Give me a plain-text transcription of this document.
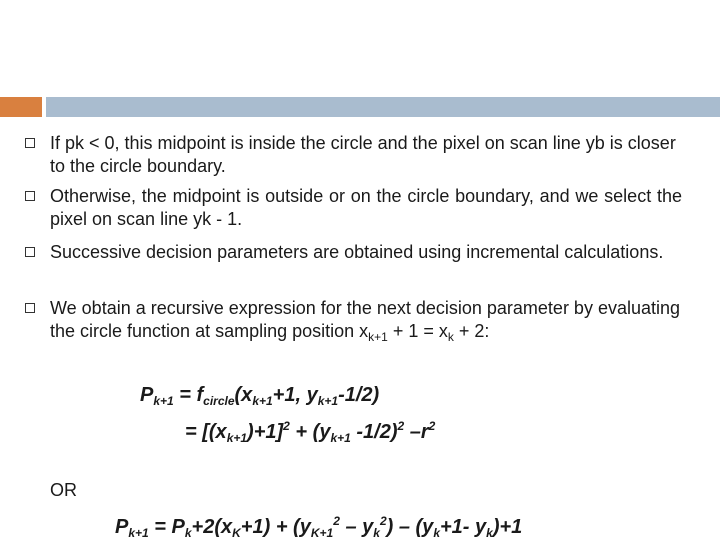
If pk < 0, this midpoint is inside the circle and the pixel on scan line yb is closer to the circle boundary.

Otherwise, the midpoint is outside or on the circle boundary, and we select the pixel on scan line yk - 1.

Successive decision parameters are obtained using incremental calculations.

We obtain a recursive expression for the next decision parameter by evaluating the circle function at sampling position $x_{k+1} + 1 = x_k + 2$:

$P_{k+1} = f_{circle}(x_{k+1}+1$, $y_{k+1}-1/2$)
= $[(x_{k+1})+1]^2 + (y_{k+1}$ -1/2)$^2$ $-r^2$
OR
$P_{k+1} = P_k+2(x_K+1) + (y_{K+1}^2 - y_k^2) - (y_k+1-$ $y_k)+1$
